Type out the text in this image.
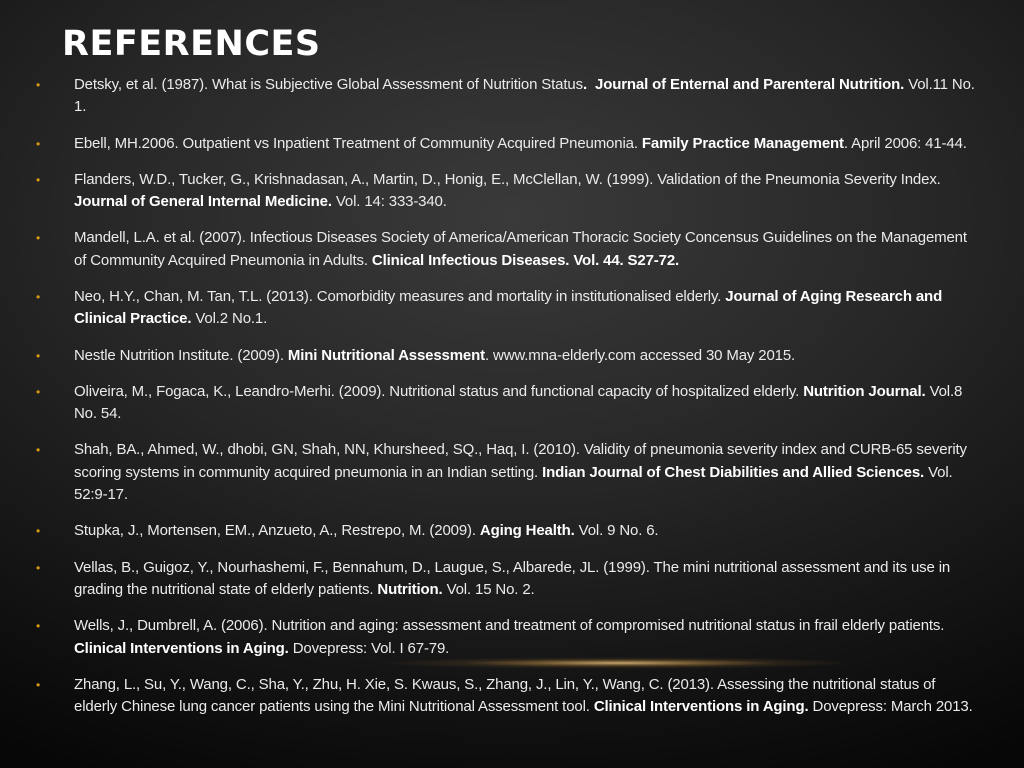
REFERENCES
• Detsky, et al. (1987). What is Subjective Global Assessment of Nutrition Status. Journal of Enternal and Parenteral Nutrition. Vol.11 No. 1.
• Ebell, MH.2006. Outpatient vs Inpatient Treatment of Community Acquired Pneumonia. Family Practice Management. April 2006: 41-44.
• Flanders, W.D., Tucker, G., Krishnadasan, A., Martin, D., Honig, E., McClellan, W. (1999). Validation of the Pneumonia Severity Index. Journal of General Internal Medicine. Vol. 14: 333-340.
• Mandell, L.A. et al. (2007). Infectious Diseases Society of America/American Thoracic Society Concensus Guidelines on the Management of Community Acquired Pneumonia in Adults. Clinical Infectious Diseases. Vol. 44. S27-72.
• Neo, H.Y., Chan, M. Tan, T.L. (2013). Comorbidity measures and mortality in institutionalised elderly. Journal of Aging Research and Clinical Practice. Vol.2 No.1.
• Nestle Nutrition Institute. (2009). Mini Nutritional Assessment. www.mna-elderly.com accessed 30 May 2015.
• Oliveira, M., Fogaca, K., Leandro-Merhi. (2009). Nutritional status and functional capacity of hospitalized elderly. Nutrition Journal. Vol.8 No. 54.
• Shah, BA., Ahmed, W., dhobi, GN, Shah, NN, Khursheed, SQ., Haq, I. (2010). Validity of pneumonia severity index and CURB-65 severity scoring systems in community acquired pneumonia in an Indian setting. Indian Journal of Chest Diabilities and Allied Sciences. Vol. 52:9-17.
• Stupka, J., Mortensen, EM., Anzueto, A., Restrepo, M. (2009). Aging Health. Vol. 9 No. 6.
• Vellas, B., Guigoz, Y., Nourhashemi, F., Bennahum, D., Laugue, S., Albarede, JL. (1999). The mini nutritional assessment and its use in grading the nutritional state of elderly patients. Nutrition. Vol. 15 No. 2.
• Wells, J., Dumbrell, A. (2006). Nutrition and aging: assessment and treatment of compromised nutritional status in frail elderly patients. Clinical Interventions in Aging. Dovepress: Vol. I 67-79.
• Zhang, L., Su, Y., Wang, C., Sha, Y., Zhu, H. Xie, S. Kwaus, S., Zhang, J., Lin, Y., Wang, C. (2013). Assessing the nutritional status of elderly Chinese lung cancer patients using the Mini Nutritional Assessment tool. Clinical Interventions in Aging. Dovepress: March 2013.
